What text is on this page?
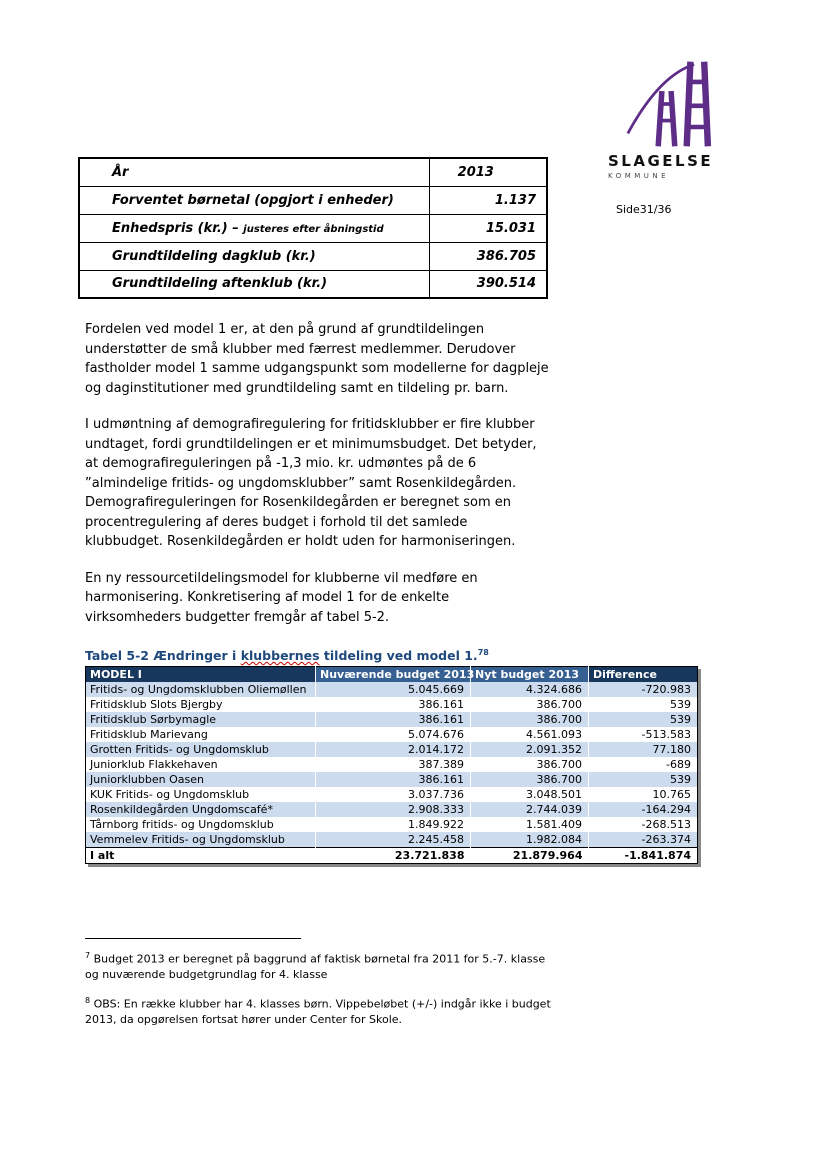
SLAGELSE
KOMMUNE
Side31/36
År	2013
Forventet børnetal (opgjort i enheder)	1.137
Enhedspris (kr.) – justeres efter åbningstid	15.031
Grundtildeling dagklub (kr.)	386.705
Grundtildeling aftenklub (kr.)	390.514

Fordelen ved model 1 er, at den på grund af grundtildelingen understøtter de små klubber med færrest medlemmer. Derudover fastholder model 1 samme udgangspunkt som modellerne for dagpleje og daginstitutioner med grundtildeling samt en tildeling pr. barn.

I udmøntning af demografiregulering for fritidsklubber er fire klubber undtaget, fordi grundtildelingen er et minimumsbudget. Det betyder, at demografireguleringen på -1,3 mio. kr. udmøntes på de 6 ”almindelige fritids- og ungdomsklubber” samt Rosenkildegården. Demografireguleringen for Rosenkildegården er beregnet som en procentregulering af deres budget i forhold til det samlede klubbudget. Rosenkildegården er holdt uden for harmoniseringen.

En ny ressourcetildelingsmodel for klubberne vil medføre en harmonisering. Konkretisering af model 1 for de enkelte virksomheders budgetter fremgår af tabel 5-2.

Tabel 5-2 Ændringer i klubbernes tildeling ved model 1.78
MODEL I	Nuværende budget 2013	Nyt budget 2013	Difference
Fritids- og Ungdomsklubben Oliemøllen	5.045.669	4.324.686	-720.983
Fritidsklub Slots Bjergby	386.161	386.700	539
Fritidsklub Sørbymagle	386.161	386.700	539
Fritidsklub Marievang	5.074.676	4.561.093	-513.583
Grotten Fritids- og Ungdomsklub	2.014.172	2.091.352	77.180
Juniorklub Flakkehaven	387.389	386.700	-689
Juniorklubben Oasen	386.161	386.700	539
KUK Fritids- og Ungdomsklub	3.037.736	3.048.501	10.765
Rosenkildegården Ungdomscafé*	2.908.333	2.744.039	-164.294
Tårnborg fritids- og Ungdomsklub	1.849.922	1.581.409	-268.513
Vemmelev Fritids- og Ungdomsklub	2.245.458	1.982.084	-263.374
I alt	23.721.838	21.879.964	-1.841.874

$^7$ Budget 2013 er beregnet på baggrund af faktisk børnetal fra 2011 for 5.-7. klasse og nuværende budgetgrundlag for 4. klasse

$^8$ OBS: En række klubber har 4. klasses børn. Vippebeløbet (+/-) indgår ikke i budget 2013, da opgørelsen fortsat hører under Center for Skole.
